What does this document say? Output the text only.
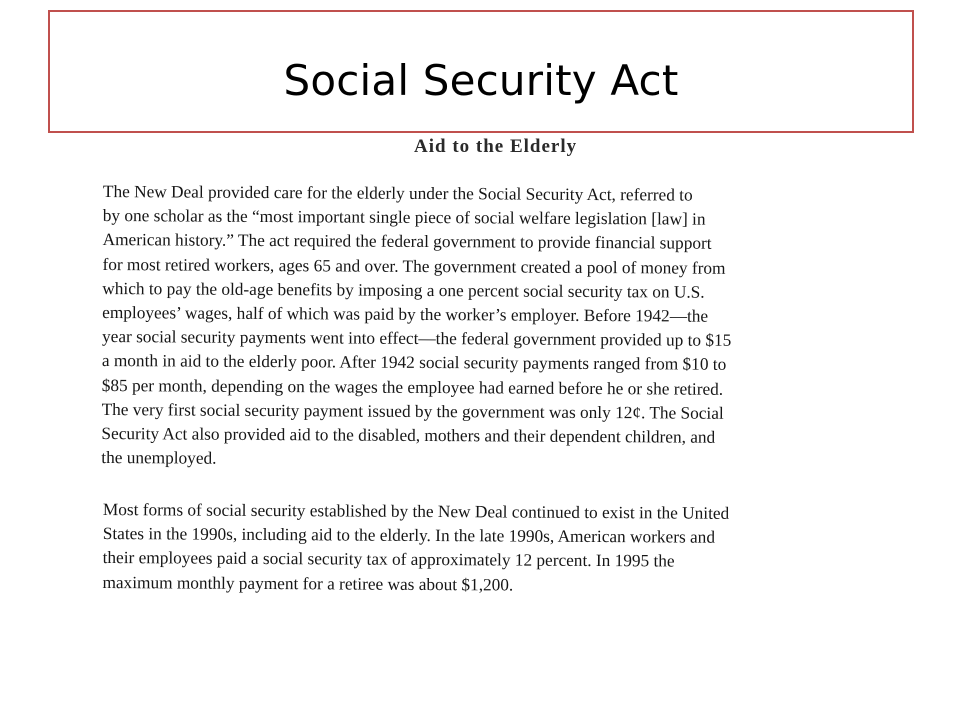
Social Security Act
Aid to the Elderly
The New Deal provided care for the elderly under the Social Security Act, referred to
by one scholar as the “most important single piece of social welfare legislation [law] in
American history.” The act required the federal government to provide financial support
for most retired workers, ages 65 and over. The government created a pool of money from
which to pay the old-age benefits by imposing a one percent social security tax on U.S.
employees’ wages, half of which was paid by the worker’s employer. Before 1942—the
year social security payments went into effect—the federal government provided up to $15
a month in aid to the elderly poor. After 1942 social security payments ranged from $10 to
$85 per month, depending on the wages the employee had earned before he or she retired.
The very first social security payment issued by the government was only 12¢. The Social
Security Act also provided aid to the disabled, mothers and their dependent children, and
the unemployed.
Most forms of social security established by the New Deal continued to exist in the United
States in the 1990s, including aid to the elderly. In the late 1990s, American workers and
their employees paid a social security tax of approximately 12 percent. In 1995 the
maximum monthly payment for a retiree was about $1,200.
